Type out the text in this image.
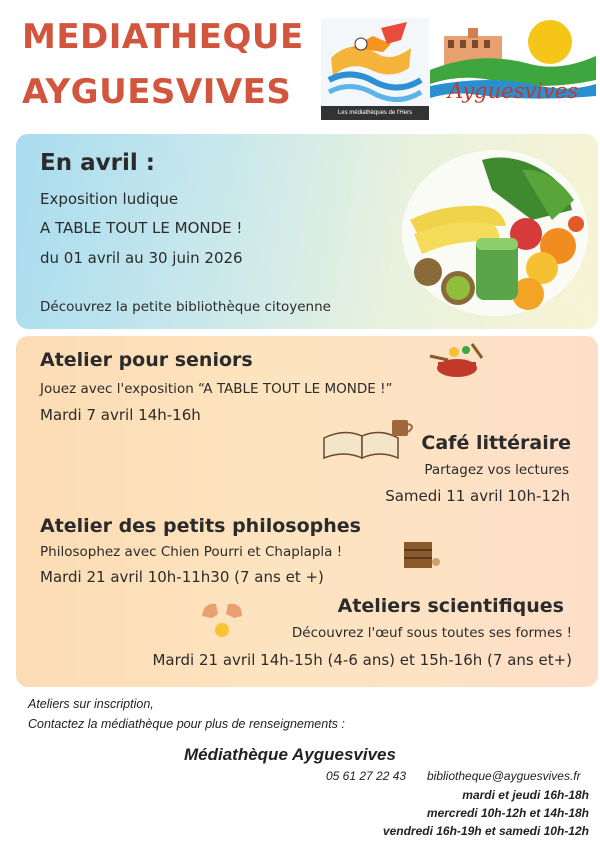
MEDIATHEQUE
AYGUESVIVES
♪
Les médiathèques de l'Hers
Ayguesvives
En avril :
Exposition ludique
A TABLE TOUT LE MONDE !
du 01 avril au 30 juin 2026
Découvrez la petite bibliothèque citoyenne
Atelier pour seniors
Jouez avec l'exposition “A TABLE TOUT LE MONDE !”
Mardi 7 avril 14h-16h
Café littéraire
Partagez vos lectures
Samedi 11 avril 10h-12h
Atelier des petits philosophes
Philosophez avec Chien Pourri et Chaplapla !
Mardi 21 avril 10h-11h30 (7 ans et +)
Ateliers scientifiques
Découvrez l'œuf sous toutes ses formes !
Mardi 21 avril 14h-15h (4-6 ans) et 15h-16h (7 ans et+)
Ateliers sur inscription,
Contactez la médiathèque pour plus de renseignements :
Médiathèque Ayguesvives
05 61 27 22 43 bibliotheque@ayguesvives.fr
mardi et jeudi 16h-18h
mercredi 10h-12h et 14h-18h
vendredi 16h-19h et samedi 10h-12h
